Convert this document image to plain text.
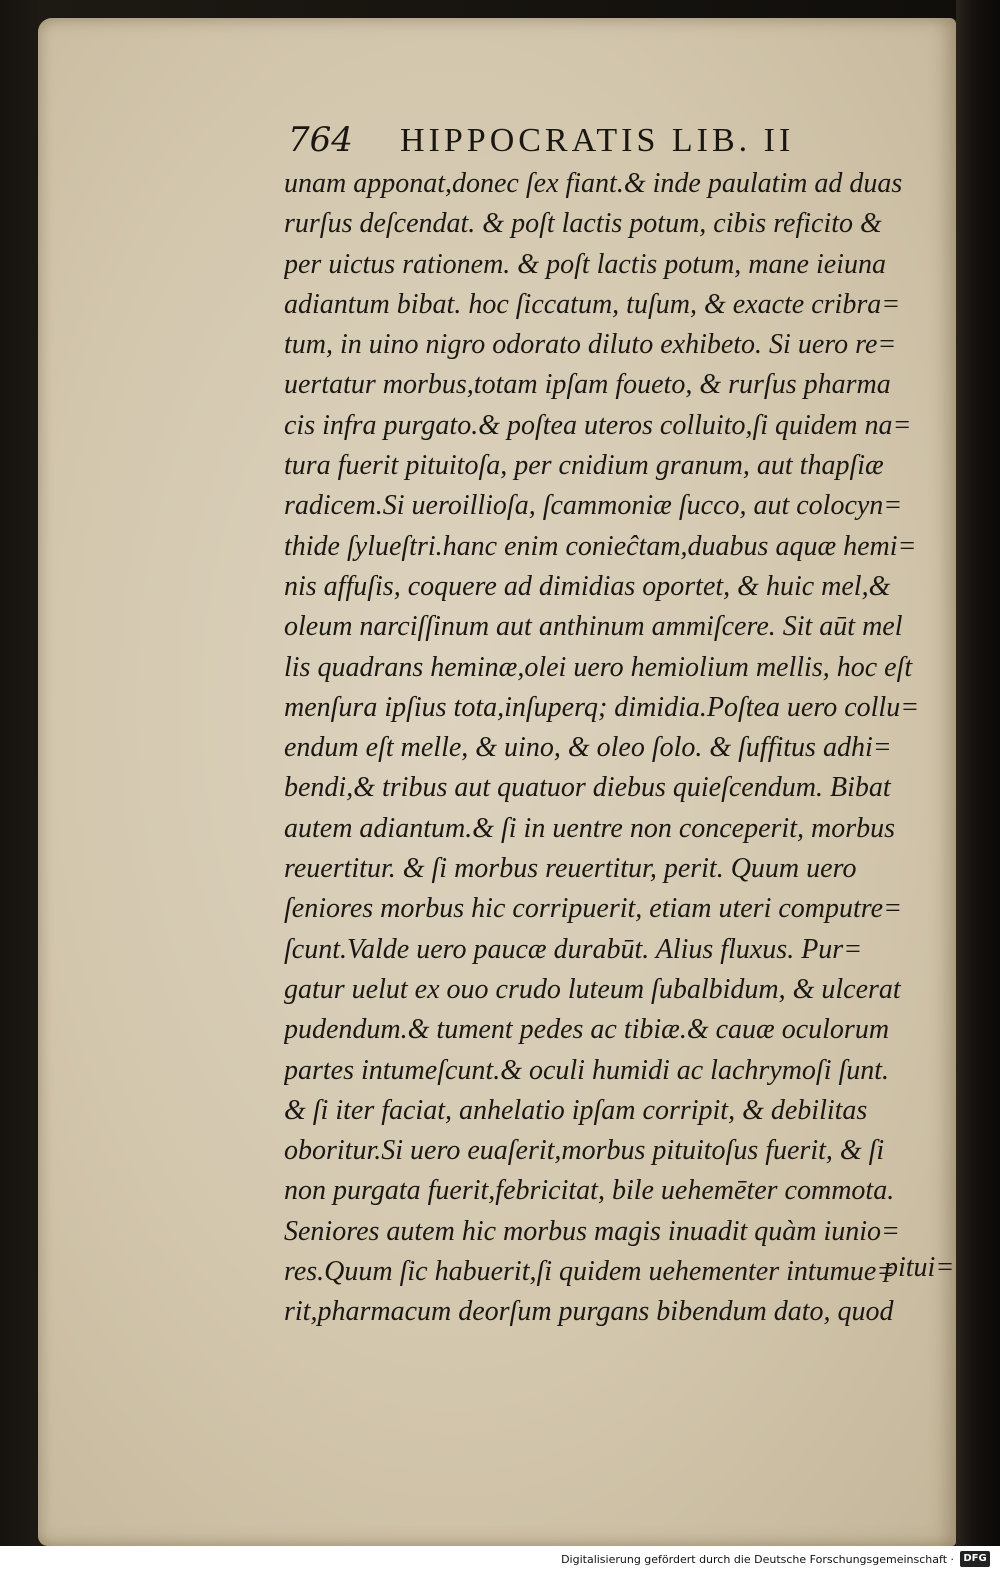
764	HIPPOCRATIS LIB. II
unam apponat,donec ſex fiant.& inde paulatim ad duas
rurſus deſcendat. & poſt lactis potum, cibis reficito &
per uictus rationem. & poſt lactis potum, mane ieiuna
adiantum bibat. hoc ſiccatum, tuſum, & exacte cribra=
tum, in uino nigro odorato diluto exhibeto. Si uero re=
uertatur morbus,totam ipſam foueto, & rurſus pharma
cis infra purgato.& poſtea uteros colluito,ſi quidem na=
tura fuerit pituitoſa, per cnidium granum, aut thapſiæ
radicem.Si ueroillioſa, ſcammoniæ ſucco, aut colocyn=
thide ſylueſtri.hanc enim conieĉtam,duabus aquæ hemi=
nis affuſis, coquere ad dimidias oportet, & huic mel,&
oleum narciſſinum aut anthinum ammiſcere. Sit aūt mel
lis quadrans heminæ,olei uero hemiolium mellis, hoc eſt
menſura ipſius tota,inſuperq; dimidia.Poſtea uero collu=
endum eſt melle, & uino, & oleo ſolo. & ſuffitus adhi=
bendi,& tribus aut quatuor diebus quieſcendum. Bibat
autem adiantum.& ſi in uentre non conceperit, morbus
reuertitur. & ſi morbus reuertitur, perit. Quum uero
ſeniores morbus hic corripuerit, etiam uteri computre=
ſcunt.Valde uero paucæ durabūt. Alius fluxus. Pur=
gatur uelut ex ouo crudo luteum ſubalbidum, & ulcerat
pudendum.& tument pedes ac tibiæ.& cauæ oculorum
partes intumeſcunt.& oculi humidi ac lachrymoſi ſunt.
& ſi iter faciat, anhelatio ipſam corripit, & debilitas
oboritur.Si uero euaſerit,morbus pituitoſus fuerit, & ſi
non purgata fuerit,febricitat, bile uehemēter commota.
Seniores autem hic morbus magis inuadit quàm iunio=
res.Quum ſic habuerit,ſi quidem uehementer intumue=
rit,pharmacum deorſum purgans bibendum dato, quod
pitui=
Digitalisierung gefördert durch die Deutsche Forschungsgemeinschaft · DFG
